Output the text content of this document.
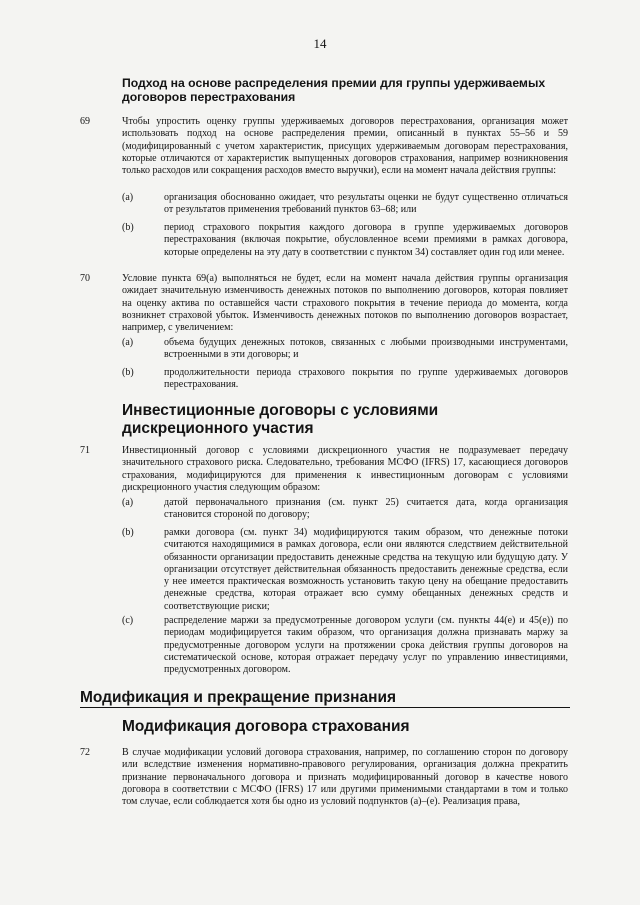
14
Подход на основе распределения премии для группы удерживаемых договоров перестрахования
69	Чтобы упростить оценку группы удерживаемых договоров перестрахования, организация может использовать подход на основе распределения премии, описанный в пунктах 55–56 и 59 (модифицированный с учетом характеристик, присущих удерживаемым договорам перестрахования, которые отличаются от характеристик выпущенных договоров страхования, например возникновения только расходов или сокращения расходов вместо выручки), если на момент начала действия группы:
(a)	организация обоснованно ожидает, что результаты оценки не будут существенно отличаться от результатов применения требований пунктов 63–68; или
(b)	период страхового покрытия каждого договора в группе удерживаемых договоров перестрахования (включая покрытие, обусловленное всеми премиями в рамках договора, которые определены на эту дату в соответствии с пунктом 34) составляет один год или менее.
70	Условие пункта 69(а) выполняться не будет, если на момент начала действия группы организация ожидает значительную изменчивость денежных потоков по выполнению договоров, которая повлияет на оценку актива по оставшейся части страхового покрытия в течение периода до момента, когда возникнет страховой убыток. Изменчивость денежных потоков по выполнению договоров возрастает, например, с увеличением:
(a)	объема будущих денежных потоков, связанных с любыми производными инструментами, встроенными в эти договоры; и
(b)	продолжительности периода страхового покрытия по группе удерживаемых договоров перестрахования.
Инвестиционные договоры с условиями дискреционного участия
71	Инвестиционный договор с условиями дискреционного участия не подразумевает передачу значительного страхового риска. Следовательно, требования МСФО (IFRS) 17, касающиеся договоров страхования, модифицируются для применения к инвестиционным договорам с условиями дискреционного участия следующим образом:
(a)	датой первоначального признания (см. пункт 25) считается дата, когда организация становится стороной по договору;
(b)	рамки договора (см. пункт 34) модифицируются таким образом, что денежные потоки считаются находящимися в рамках договора, если они являются следствием действительной обязанности организации предоставить денежные средства на текущую или будущую дату. У организации отсутствует действительная обязанность предоставить денежные средства, если у нее имеется практическая возможность установить такую цену на обещание предоставить денежные средства, которая отражает всю сумму обещанных денежных средств и соответствующие риски;
(c)	распределение маржи за предусмотренные договором услуги (см. пункты 44(е) и 45(е)) по периодам модифицируется таким образом, что организация должна признавать маржу за предусмотренные договором услуги на протяжении срока действия группы договоров на систематической основе, которая отражает передачу услуг по управлению инвестициями, предусмотренных договором.
Модификация и прекращение признания
Модификация договора страхования
72	В случае модификации условий договора страхования, например, по соглашению сторон по договору или вследствие изменения нормативно-правового регулирования, организация должна прекратить признание первоначального договора и признать модифицированный договор в качестве нового договора в соответствии с МСФО (IFRS) 17 или другими применимыми стандартами в том и только том случае, если соблюдается хотя бы одно из условий подпунктов (a)–(е). Реализация права,
